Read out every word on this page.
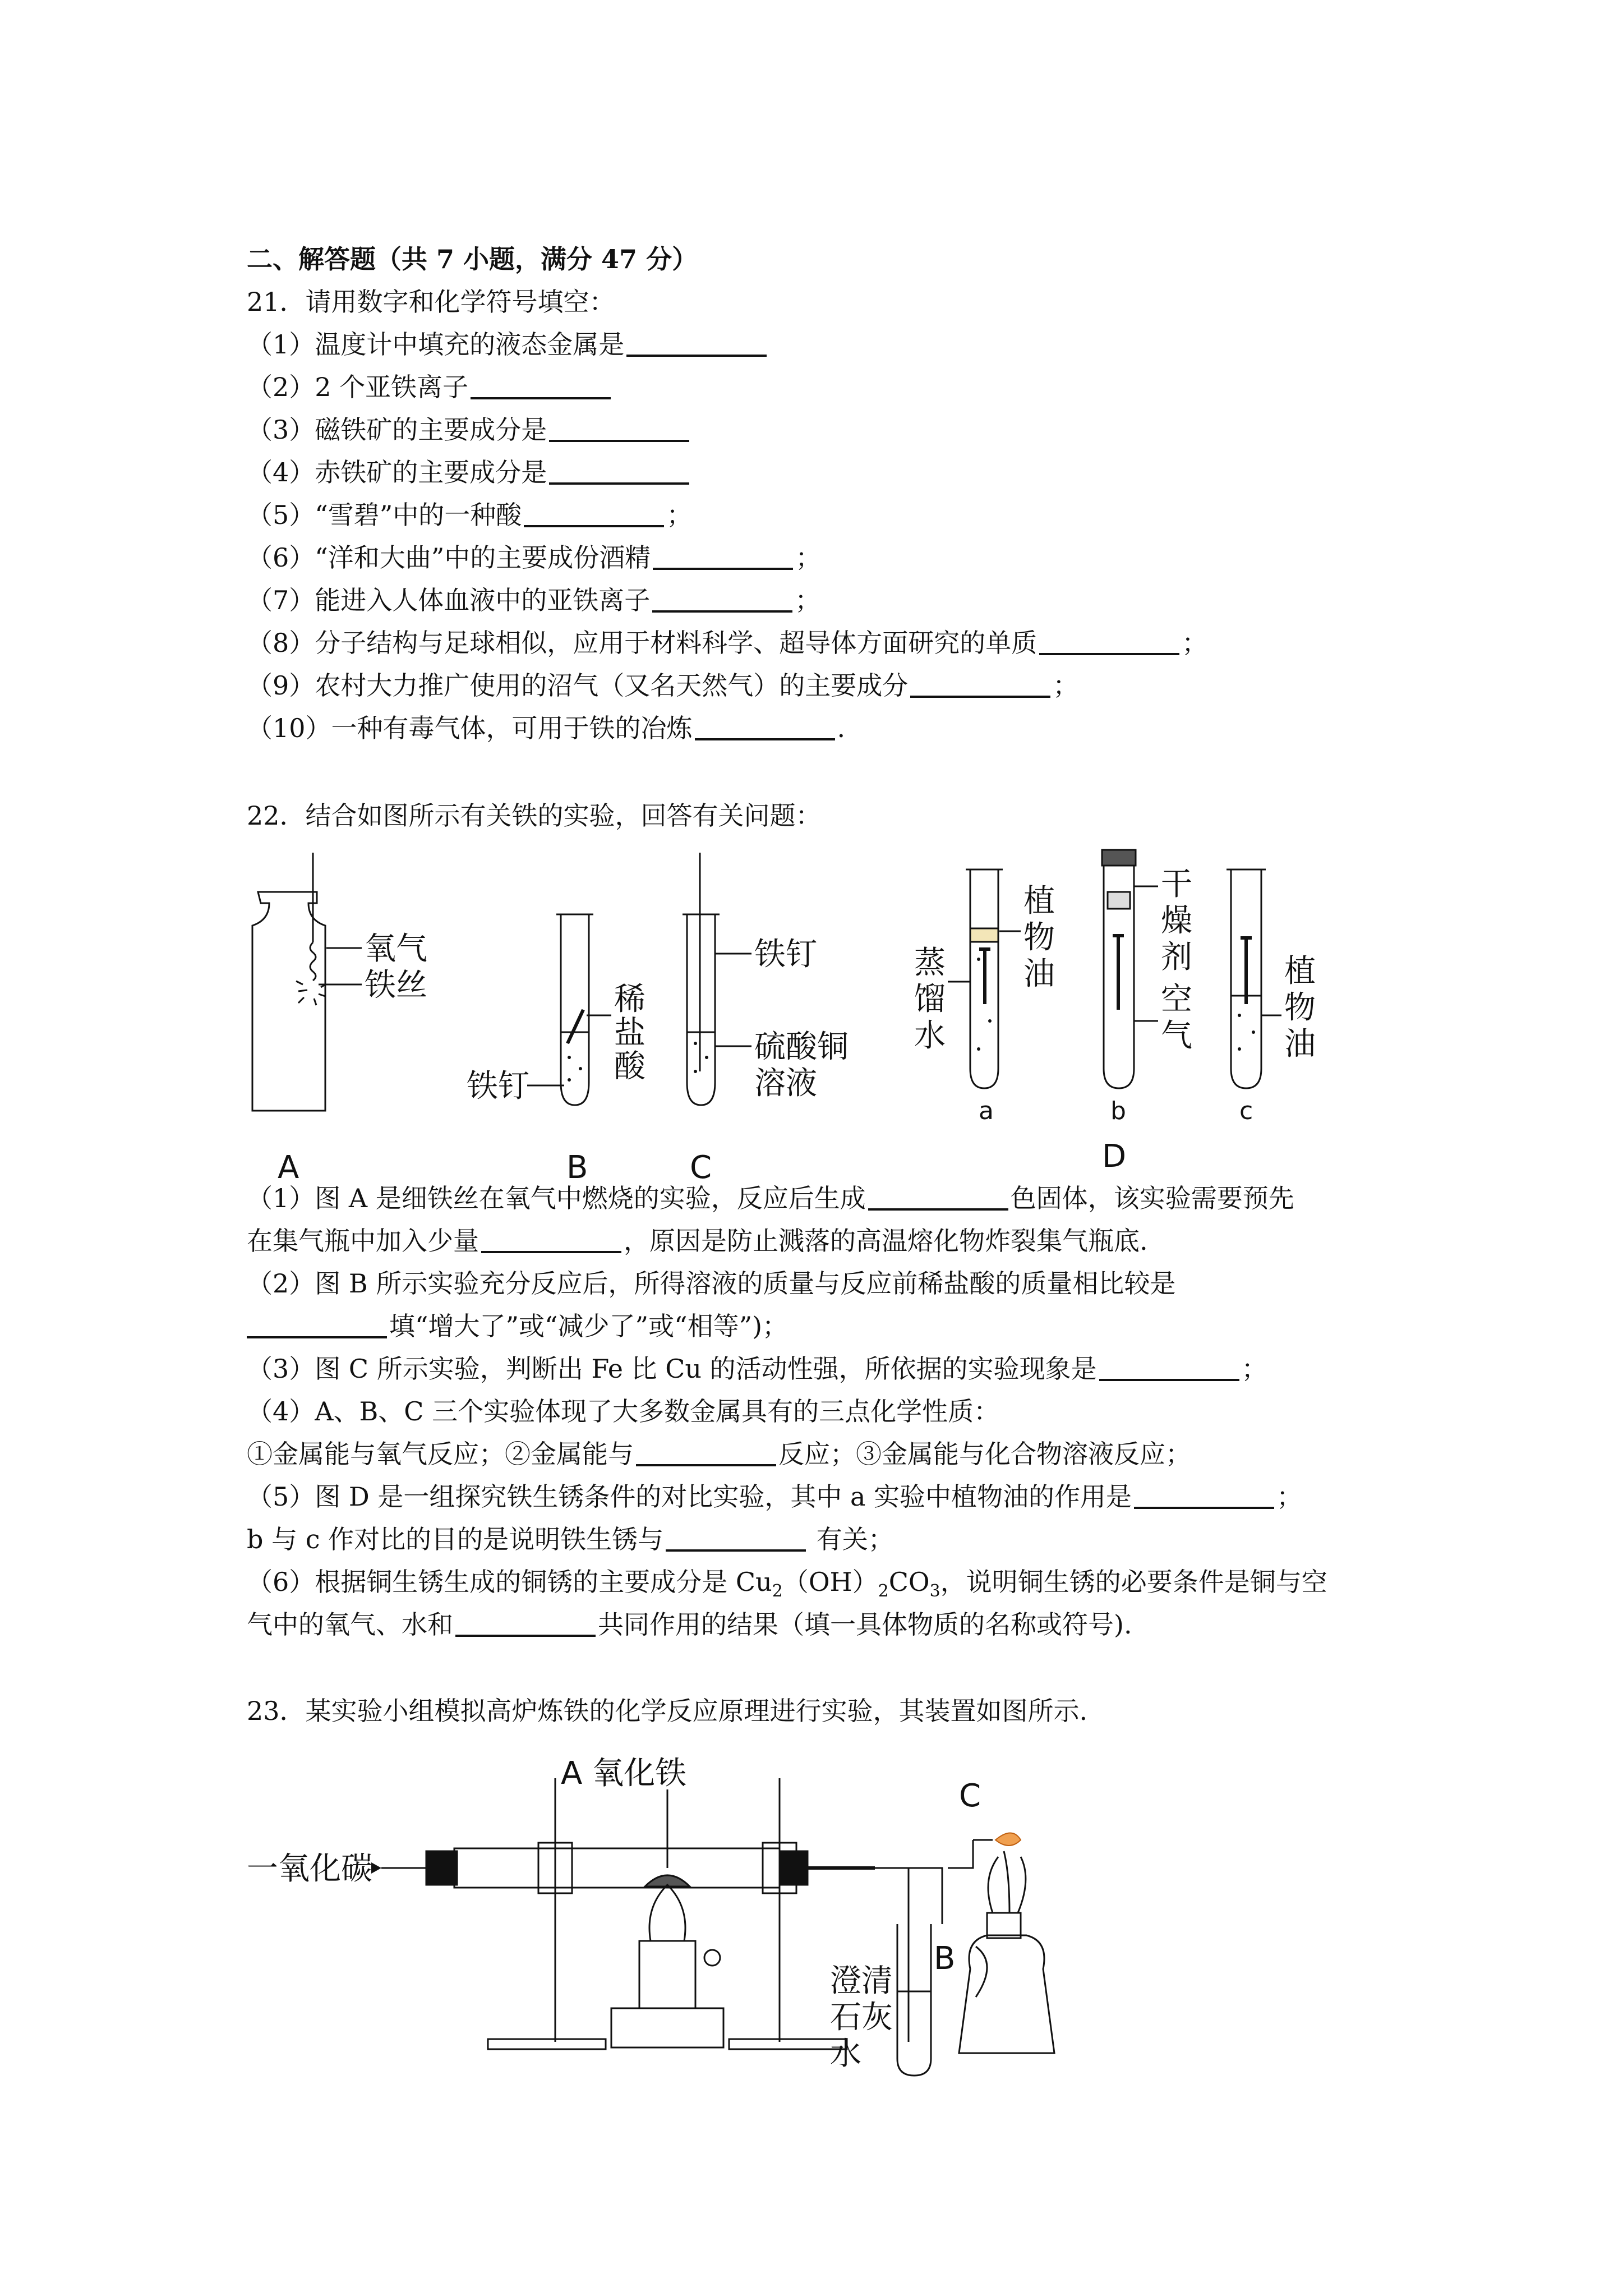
二、解答题（共 7 小题，满分 47 分）
21．请用数字和化学符号填空：
（1）温度计中填充的液态金属是
（2）2 个亚铁离子
（3）磁铁矿的主要成分是
（4）赤铁矿的主要成分是
（5）“雪碧”中的一种酸	；
（6）“洋和大曲”中的主要成份酒精	；
（7）能进入人体血液中的亚铁离子	；
（8）分子结构与足球相似，应用于材料科学、超导体方面研究的单质	；
（9）农村大力推广使用的沼气（又名天然气）的主要成分	；
（10）一种有毒气体，可用于铁的冶炼	.
22．结合如图所示有关铁的实验，回答有关问题：
氧气
铁丝
A
铁钉
稀
盐
酸
B
铁钉
硫酸铜
溶液
C
蒸
馏
水
植
物
油
干
燥
剂
空
气
植
物
油
a	b	c
D
（1）图 A 是细铁丝在氧气中燃烧的实验，反应后生成	色固体，该实验需要预先
在集气瓶中加入少量	，原因是防止溅落的高温熔化物炸裂集气瓶底.
（2）图 B 所示实验充分反应后，所得溶液的质量与反应前稀盐酸的质量相比较是
填“增大了”或“减少了”或“相等”)；
（3）图 C 所示实验，判断出 Fe 比 Cu 的活动性强，所依据的实验现象是	；
（4）A、B、C 三个实验体现了大多数金属具有的三点化学性质：
①金属能与氧气反应；②金属能与	反应；③金属能与化合物溶液反应；
（5）图 D 是一组探究铁生锈条件的对比实验，其中 a 实验中植物油的作用是	；
b 与 c 作对比的目的是说明铁生锈与	有关；
（6）根据铜生锈生成的铜锈的主要成分是 $Cu_2(OH)_2CO_3$，说明铜生锈的必要条件是铜与空
气中的氧气、水和	共同作用的结果（填一具体物质的名称或符号).
23．某实验小组模拟高炉炼铁的化学反应原理进行实验，其装置如图所示.
一氧化碳
A 氧化铁
C
B
澄清
石灰
水
